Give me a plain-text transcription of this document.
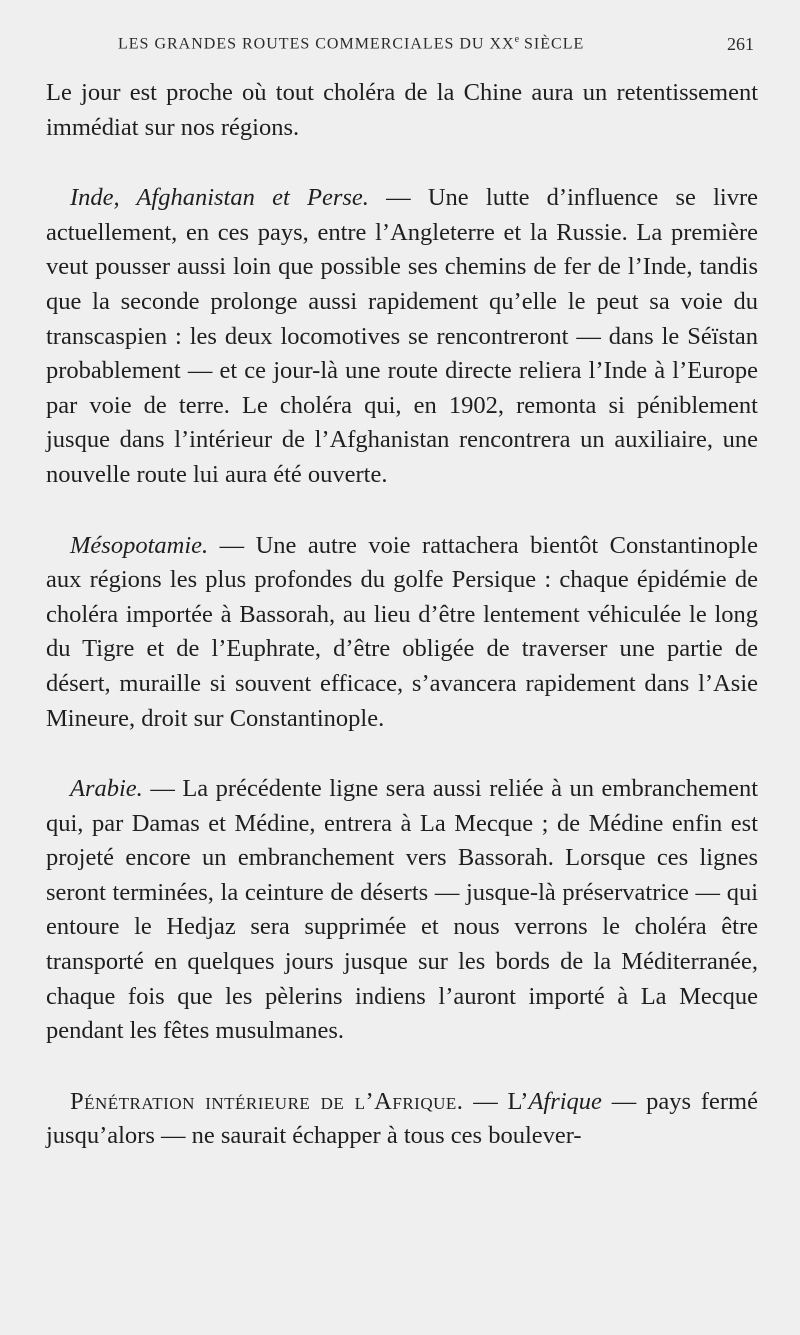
LES GRANDES ROUTES COMMERCIALES DU XXe SIÈCLE	261

Le jour est proche où tout choléra de la Chine aura un retentissement immédiat sur nos régions.

Inde, Afghanistan et Perse. — Une lutte d’influence se livre actuellement, en ces pays, entre l’Angleterre et la Russie. La première veut pousser aussi loin que possible ses chemins de fer de l’Inde, tandis que la seconde prolonge aussi rapidement qu’elle le peut sa voie du transcaspien : les deux locomotives se rencontreront — dans le Séïstan probablement — et ce jour-là une route directe reliera l’Inde à l’Europe par voie de terre. Le choléra qui, en 1902, remonta si péniblement jusque dans l’intérieur de l’Afghanistan rencontrera un auxiliaire, une nouvelle route lui aura été ouverte.

Mésopotamie. — Une autre voie rattachera bientôt Constantinople aux régions les plus profondes du golfe Persique : chaque épidémie de choléra importée à Bassorah, au lieu d’être lentement véhiculée le long du Tigre et de l’Euphrate, d’être obligée de traverser une partie de désert, muraille si souvent efficace, s’avancera rapidement dans l’Asie Mineure, droit sur Constantinople.

Arabie. — La précédente ligne sera aussi reliée à un embranchement qui, par Damas et Médine, entrera à La Mecque ; de Médine enfin est projeté encore un embranchement vers Bassorah. Lorsque ces lignes seront terminées, la ceinture de déserts — jusque-là préservatrice — qui entoure le Hedjaz sera supprimée et nous verrons le choléra être transporté en quelques jours jusque sur les bords de la Méditerranée, chaque fois que les pèlerins indiens l’auront importé à La Mecque pendant les fêtes musulmanes.

Pénétration intérieure de l’Afrique. — L’Afrique — pays fermé jusqu’alors — ne saurait échapper à tous ces boulever-
